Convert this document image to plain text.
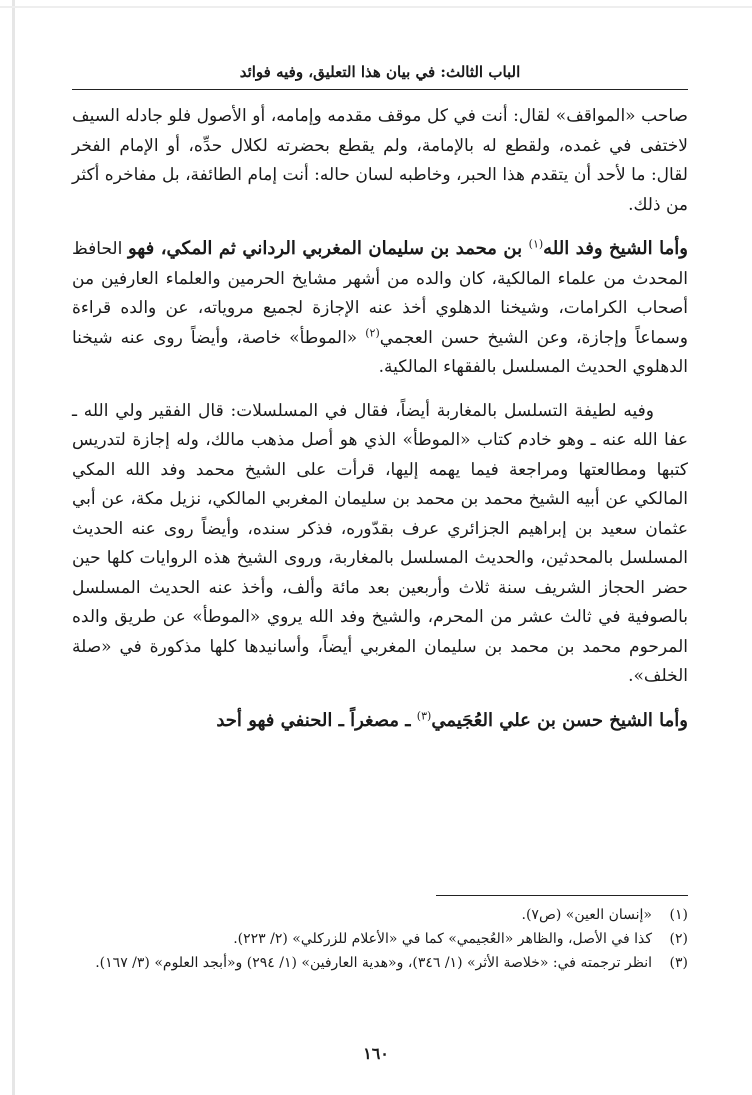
الباب الثالث: في بيان هذا التعليق، وفيه فوائد

صاحب «المواقف» لقال: أنت في كل موقف مقدمه وإمامه، أو الأصول فلو جادله السيف لاختفى في غمده، ولقطع له بالإمامة، ولم يقطع بحضرته لكلال حدِّه، أو الإمام الفخر لقال: ما لأحد أن يتقدم هذا الحبر، وخاطبه لسان حاله: أنت إمام الطائفة، بل مفاخره أكثر من ذلك.

وأما الشيخ وفد الله$^{(١)}$ بن محمد بن سليمان المغربي الرداني ثم المكي، فهو الحافظ المحدث من علماء المالكية، كان والده من أشهر مشايخ الحرمين والعلماء العارفين من أصحاب الكرامات، وشيخنا الدهلوي أخذ عنه الإجازة لجميع مروياته، عن والده قراءة وسماعاً وإجازة، وعن الشيخ حسن العجمي$^{(٢)}$ «الموطأ» خاصة، وأيضاً روى عنه شيخنا الدهلوي الحديث المسلسل بالفقهاء المالكية.

وفيه لطيفة التسلسل بالمغاربة أيضاً، فقال في المسلسلات: قال الفقير ولي الله ـ عفا الله عنه ـ وهو خادم كتاب «الموطأ» الذي هو أصل مذهب مالك، وله إجازة لتدريس كتبها ومطالعتها ومراجعة فيما يهمه إليها، قرأت على الشيخ محمد وفد الله المكي المالكي عن أبيه الشيخ محمد بن محمد بن سليمان المغربي المالكي، نزيل مكة، عن أبي عثمان سعيد بن إبراهيم الجزائري عرف بقدّوره، فذكر سنده، وأيضاً روى عنه الحديث المسلسل بالمحدثين، والحديث المسلسل بالمغاربة، وروى الشيخ هذه الروايات كلها حين حضر الحجاز الشريف سنة ثلاث وأربعين بعد مائة وألف، وأخذ عنه الحديث المسلسل بالصوفية في ثالث عشر من المحرم، والشيخ وفد الله يروي «الموطأ» عن طريق والده المرحوم محمد بن محمد بن سليمان المغربي أيضاً، وأسانيدها كلها مذكورة في «صلة الخلف».

وأما الشيخ حسن بن علي العُجَيمي$^{(٣)}$ ـ مصغراً ـ الحنفي فهو أحد

(١)
«إنسان العين» (ص٧).

(٢)
كذا في الأصل، والظاهر «العُجيمي» كما في «الأعلام للزركلي» (٢/ ٢٢٣).

(٣)
انظر ترجمته في: «خلاصة الأثر» (١/ ٣٤٦)، و«هدية العارفين» (١/ ٢٩٤) و«أبجد العلوم» (٣/ ١٦٧).

١٦٠
